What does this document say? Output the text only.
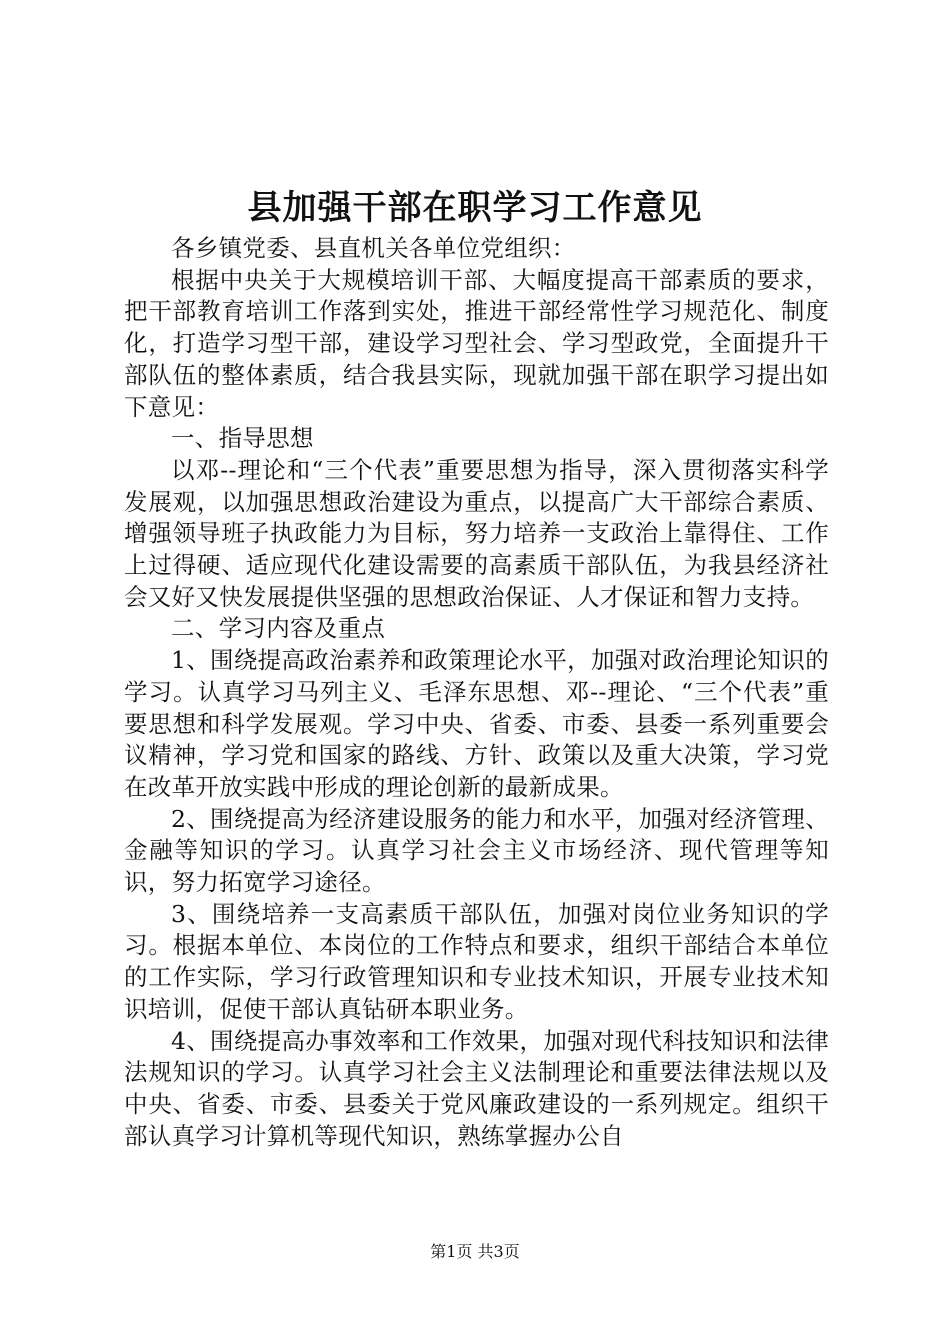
县加强干部在职学习工作意见

各乡镇党委、县直机关各单位党组织：

根据中央关于大规模培训干部、大幅度提高干部素质的要求，把干部教育培训工作落到实处，推进干部经常性学习规范化、制度化，打造学习型干部，建设学习型社会、学习型政党，全面提升干部队伍的整体素质，结合我县实际，现就加强干部在职学习提出如下意见：

一、指导思想

以邓--理论和“三个代表”重要思想为指导，深入贯彻落实科学发展观，以加强思想政治建设为重点，以提高广大干部综合素质、增强领导班子执政能力为目标，努力培养一支政治上靠得住、工作上过得硬、适应现代化建设需要的高素质干部队伍，为我县经济社会又好又快发展提供坚强的思想政治保证、人才保证和智力支持。

二、学习内容及重点

1、围绕提高政治素养和政策理论水平，加强对政治理论知识的学习。认真学习马列主义、毛泽东思想、邓--理论、“三个代表”重要思想和科学发展观。学习中央、省委、市委、县委一系列重要会议精神，学习党和国家的路线、方针、政策以及重大决策，学习党在改革开放实践中形成的理论创新的最新成果。

2、围绕提高为经济建设服务的能力和水平，加强对经济管理、金融等知识的学习。认真学习社会主义市场经济、现代管理等知识，努力拓宽学习途径。

3、围绕培养一支高素质干部队伍，加强对岗位业务知识的学习。根据本单位、本岗位的工作特点和要求，组织干部结合本单位的工作实际，学习行政管理知识和专业技术知识，开展专业技术知识培训，促使干部认真钻研本职业务。

4、围绕提高办事效率和工作效果，加强对现代科技知识和法律法规知识的学习。认真学习社会主义法制理论和重要法律法规以及中央、省委、市委、县委关于党风廉政建设的一系列规定。组织干部认真学习计算机等现代知识，熟练掌握办公自

第1页 共3页
